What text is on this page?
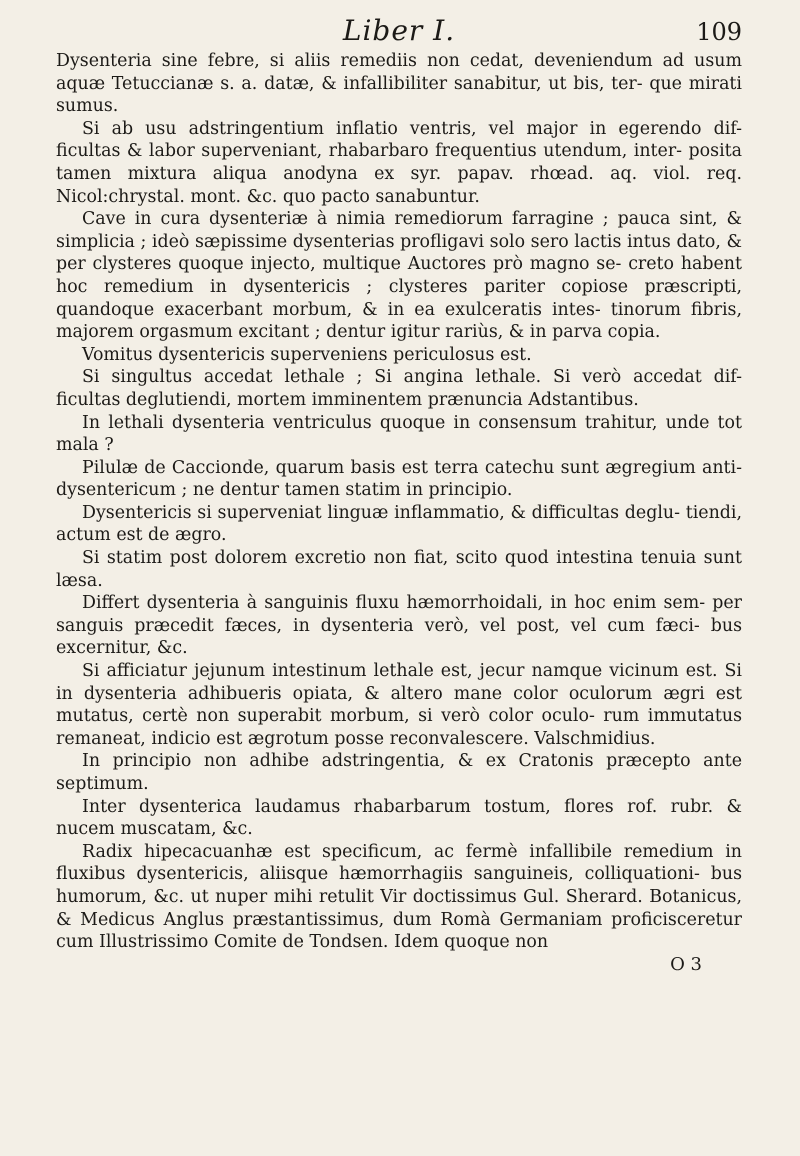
Liber I.	109

Dysenteria sine febre, si aliis remediis non cedat, deveniendum ad usum aquæ Tetuccianæ s. a. datæ, & infallibiliter sanabitur, ut bis, ter- que mirati sumus.

Si ab usu adstringentium inflatio ventris, vel major in egerendo dif- ficultas & labor superveniant, rhabarbaro frequentius utendum, inter- posita tamen mixtura aliqua anodyna ex syr. papav. rhœad. aq. viol. req. Nicol:chrystal. mont. &c. quo pacto sanabuntur.

Cave in cura dysenteriæ à nimia remediorum farragine ; pauca sint, & simplicia ; ideò sæpissime dysenterias profligavi solo sero lactis intus dato, & per clysteres quoque injecto, multique Auctores prò magno se- creto habent hoc remedium in dysentericis ; clysteres pariter copiose præscripti, quandoque exacerbant morbum, & in ea exulceratis intes- tinorum fibris, majorem orgasmum excitant ; dentur igitur rariùs, & in parva copia.

Vomitus dysentericis superveniens periculosus est.

Si singultus accedat lethale ; Si angina lethale. Si verò accedat dif- ficultas deglutiendi, mortem imminentem prænuncia Adstantibus.

In lethali dysenteria ventriculus quoque in consensum trahitur, unde tot mala ?

Pilulæ de Caccionde, quarum basis est terra catechu sunt ægregium anti-dysentericum ; ne dentur tamen statim in principio.

Dysentericis si superveniat linguæ inflammatio, & difficultas deglu- tiendi, actum est de ægro.

Si statim post dolorem excretio non fiat, scito quod intestina tenuia sunt læsa.

Differt dysenteria à sanguinis fluxu hæmorrhoidali, in hoc enim sem- per sanguis præcedit fæces, in dysenteria verò, vel post, vel cum fæci- bus excernitur, &c.

Si afficiatur jejunum intestinum lethale est, jecur namque vicinum est. Si in dysenteria adhibueris opiata, & altero mane color oculorum ægri est mutatus, certè non superabit morbum, si verò color oculo- rum immutatus remaneat, indicio est ægrotum posse reconvalescere. Valschmidius.

In principio non adhibe adstringentia, & ex Cratonis præcepto ante septimum.

Inter dysenterica laudamus rhabarbarum tostum, flores rof. rubr. & nucem muscatam, &c.

Radix hipecacuanhæ est specificum, ac fermè infallibile remedium in fluxibus dysentericis, aliisque hæmorrhagiis sanguineis, colliquationi- bus humorum, &c. ut nuper mihi retulit Vir doctissimus Gul. Sherard. Botanicus, & Medicus Anglus præstantissimus, dum Romà Germaniam proficisceretur cum Illustrissimo Comite de Tondsen. Idem quoque non

O 3
